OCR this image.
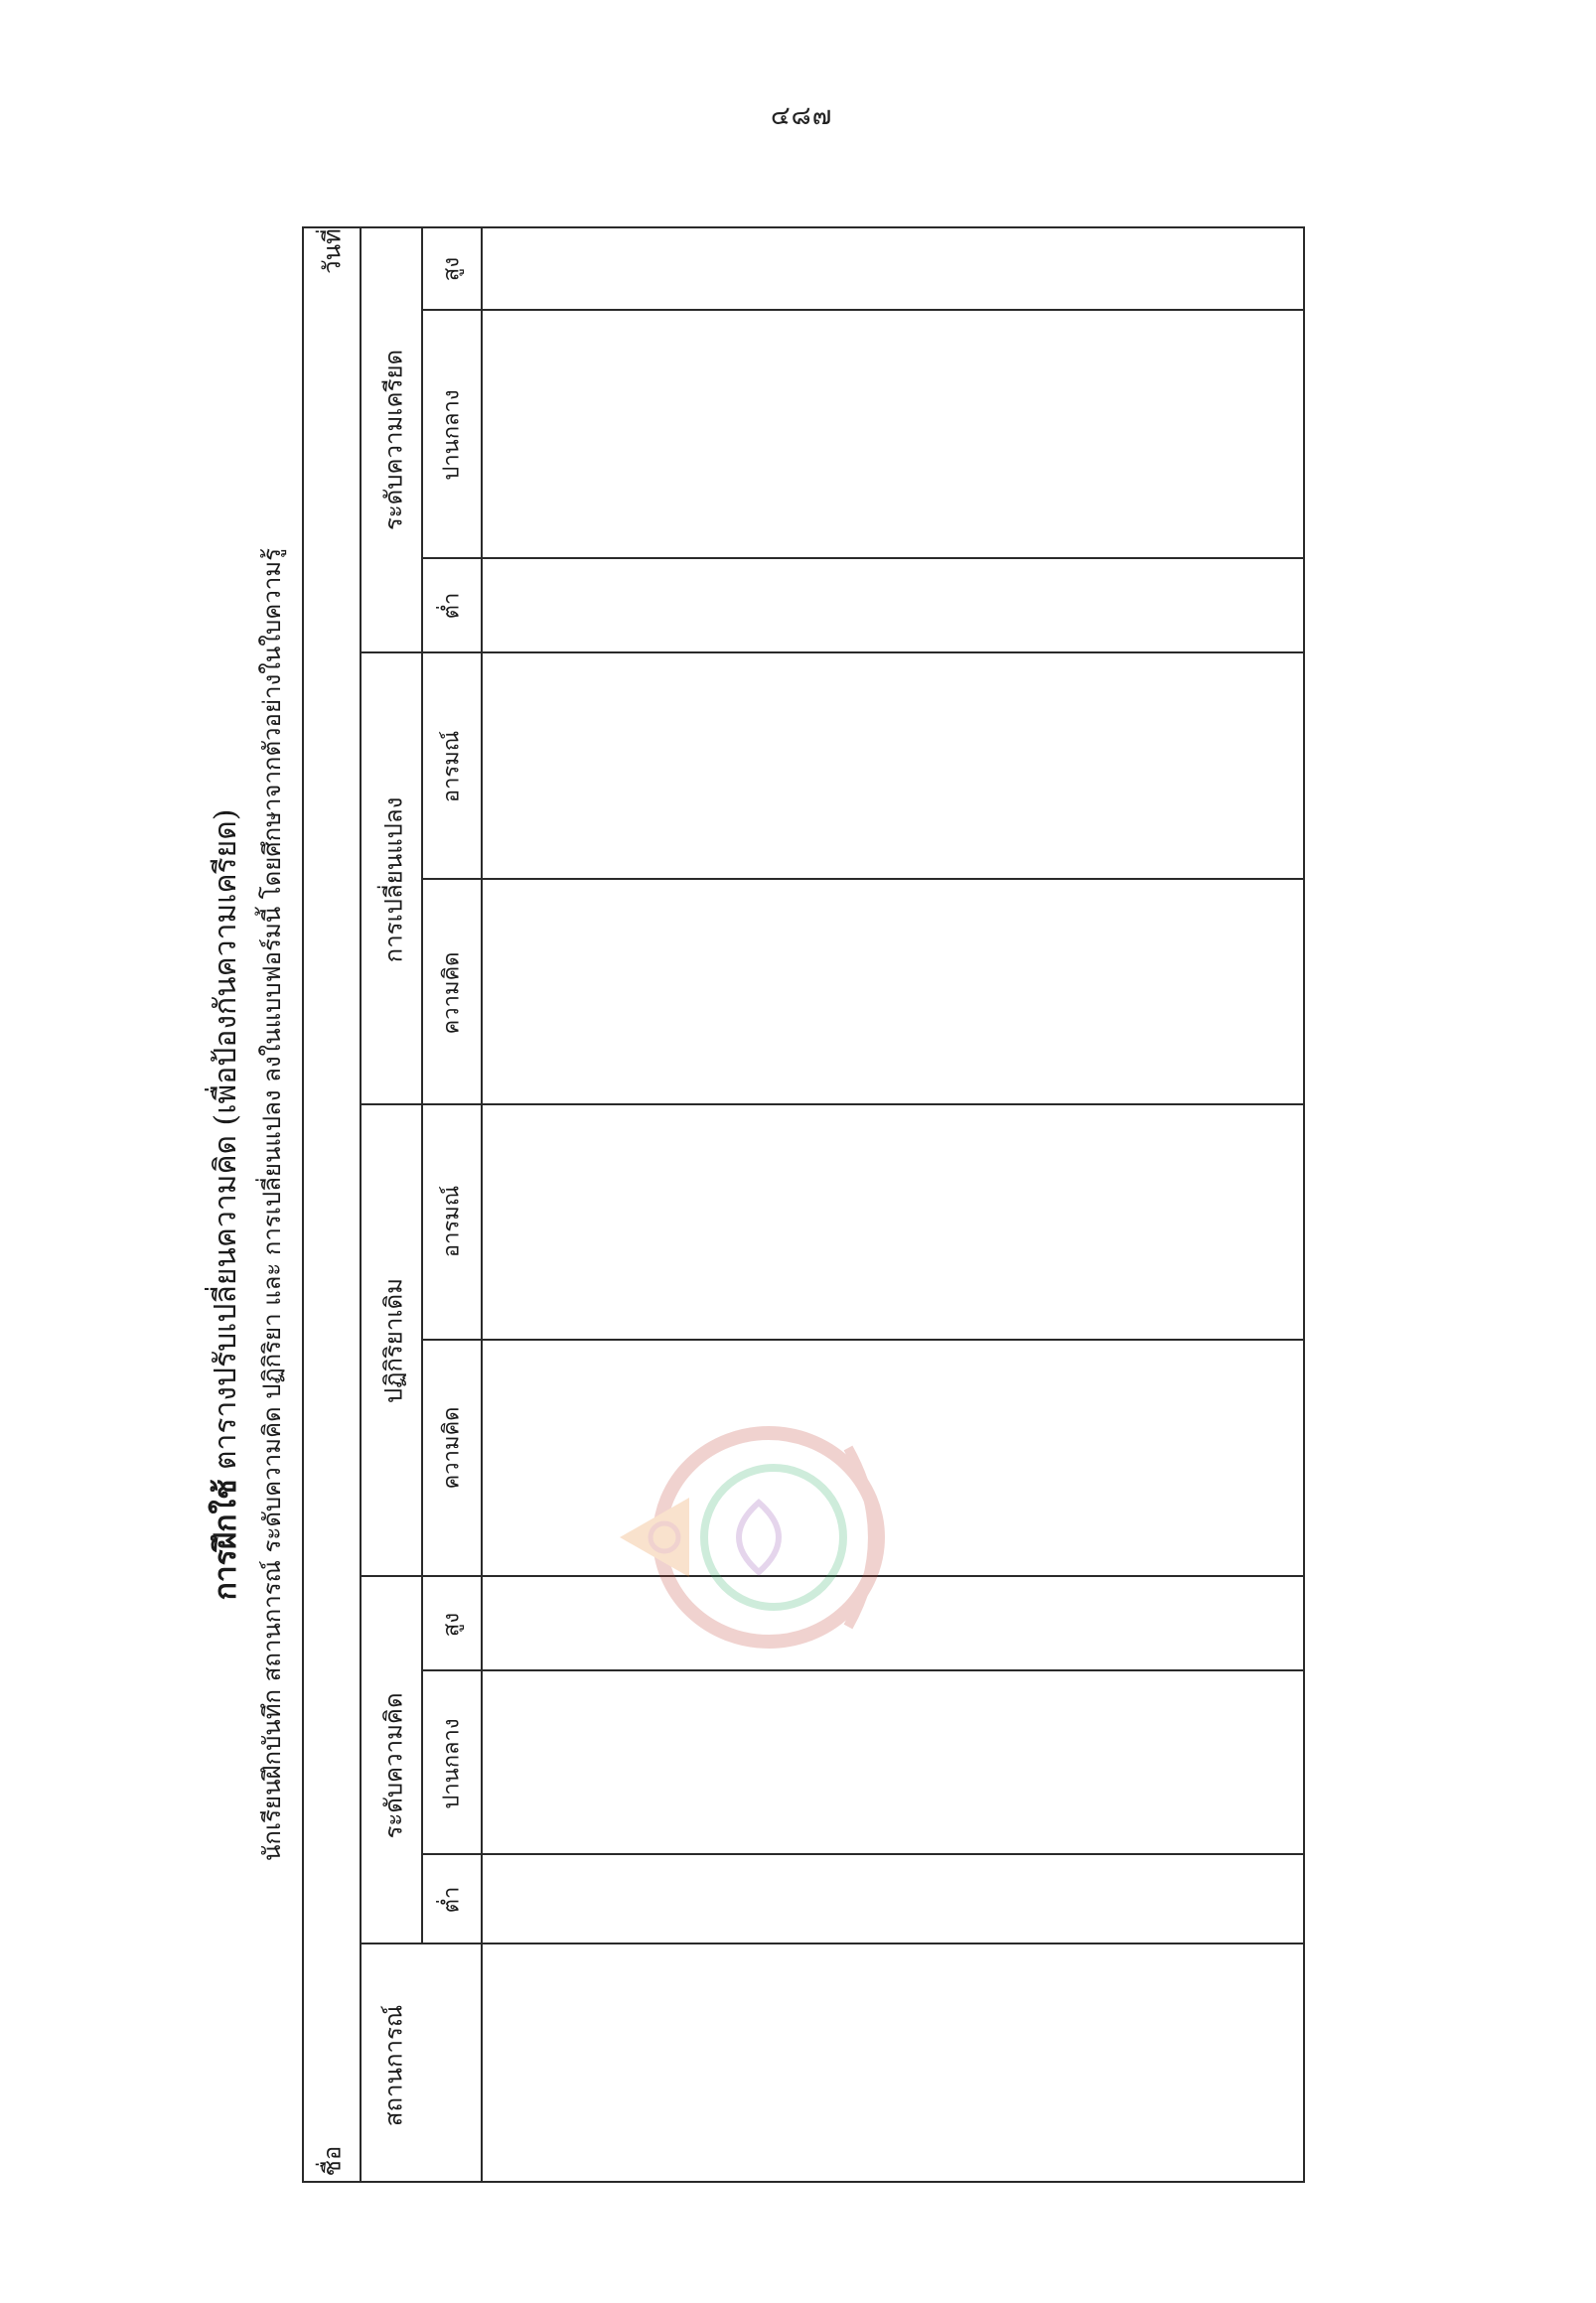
๔๘๗
การฝึกใช้ ตารางปรับเปลี่ยนความคิด (เพื่อป้องกันความเครียด) นักเรียนฝึกบันทึก สถานการณ์ ระดับความคิด ปฏิกิริยา และ การเปลี่ยนแปลง ลงในแบบฟอร์มนี้ โดยศึกษาจากตัวอย่างในใบความรู้
ชื่อ
วันที่
สถานการณ์
ระดับความคิด
ต่ำ
ปานกลาง
สูง
ปฏิกิริยาเดิม
ความคิด
อารมณ์
การเปลี่ยนแปลง
ความคิด
อารมณ์
ระดับความเครียด
ต่ำ
ปานกลาง
สูง
